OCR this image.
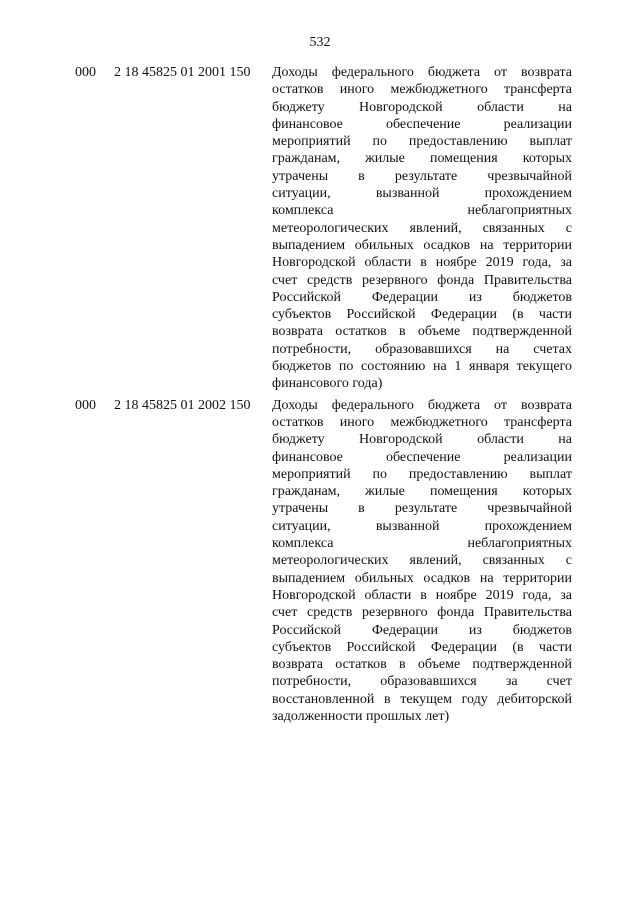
532
000 2 18 45825 01 2001 150 Доходы федерального бюджета от возврата
остатков иного межбюджетного трансферта
бюджету Новгородской области на
финансовое обеспечение реализации
мероприятий по предоставлению выплат
гражданам, жилые помещения которых
утрачены в результате чрезвычайной
ситуации, вызванной прохождением
комплекса неблагоприятных
метеорологических явлений, связанных с
выпадением обильных осадков на территории
Новгородской области в ноябре 2019 года, за
счет средств резервного фонда Правительства
Российской Федерации из бюджетов
субъектов Российской Федерации (в части
возврата остатков в объеме подтвержденной
потребности, образовавшихся на счетах
бюджетов по состоянию на 1 января текущего
финансового года)
000 2 18 45825 01 2002 150 Доходы федерального бюджета от возврата
остатков иного межбюджетного трансферта
бюджету Новгородской области на
финансовое обеспечение реализации
мероприятий по предоставлению выплат
гражданам, жилые помещения которых
утрачены в результате чрезвычайной
ситуации, вызванной прохождением
комплекса неблагоприятных
метеорологических явлений, связанных с
выпадением обильных осадков на территории
Новгородской области в ноябре 2019 года, за
счет средств резервного фонда Правительства
Российской Федерации из бюджетов
субъектов Российской Федерации (в части
возврата остатков в объеме подтвержденной
потребности, образовавшихся за счет
восстановленной в текущем году дебиторской
задолженности прошлых лет)
